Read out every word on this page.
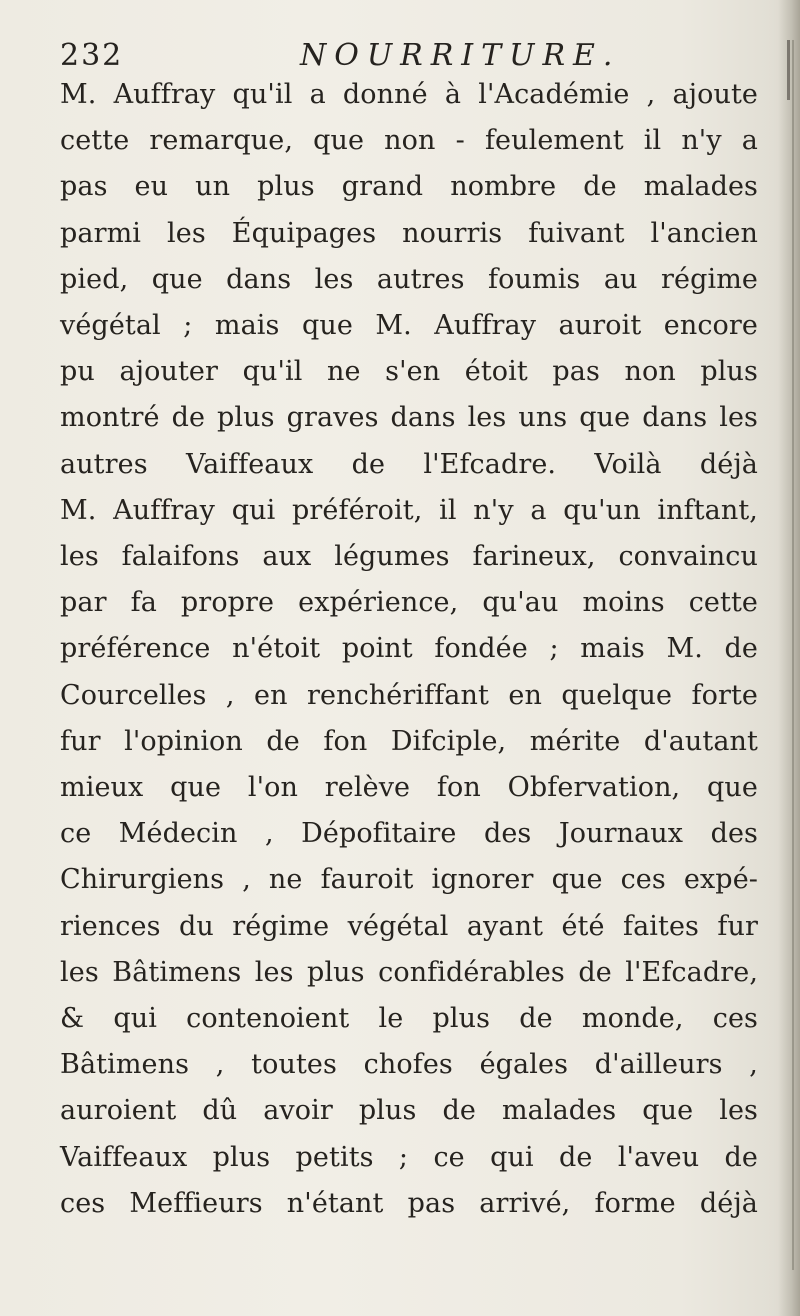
232	NOURRITURE.
M. Auffray qu'il a donné à l'Académie , ajoute
cette remarque, que non - feulement il n'y a
pas eu un plus grand nombre de malades
parmi les Équipages nourris fuivant l'ancien
pied, que dans les autres foumis au régime
végétal ; mais que M. Auffray auroit encore
pu ajouter qu'il ne s'en étoit pas non plus
montré de plus graves dans les uns que dans les
autres Vaiffeaux de l'Efcadre. Voilà déjà
M. Auffray qui préféroit, il n'y a qu'un inftant,
les falaifons aux légumes farineux, convaincu
par fa propre expérience, qu'au moins cette
préférence n'étoit point fondée ; mais M. de
Courcelles , en renchériffant en quelque forte
fur l'opinion de fon Difciple, mérite d'autant
mieux que l'on relève fon Obfervation, que
ce Médecin , Dépofitaire des Journaux des
Chirurgiens , ne fauroit ignorer que ces expé-
riences du régime végétal ayant été faites fur
les Bâtimens les plus confidérables de l'Efcadre,
& qui contenoient le plus de monde, ces
Bâtimens , toutes chofes égales d'ailleurs ,
auroient dû avoir plus de malades que les
Vaiffeaux plus petits ; ce qui de l'aveu de
ces Meffieurs n'étant pas arrivé, forme déjà
